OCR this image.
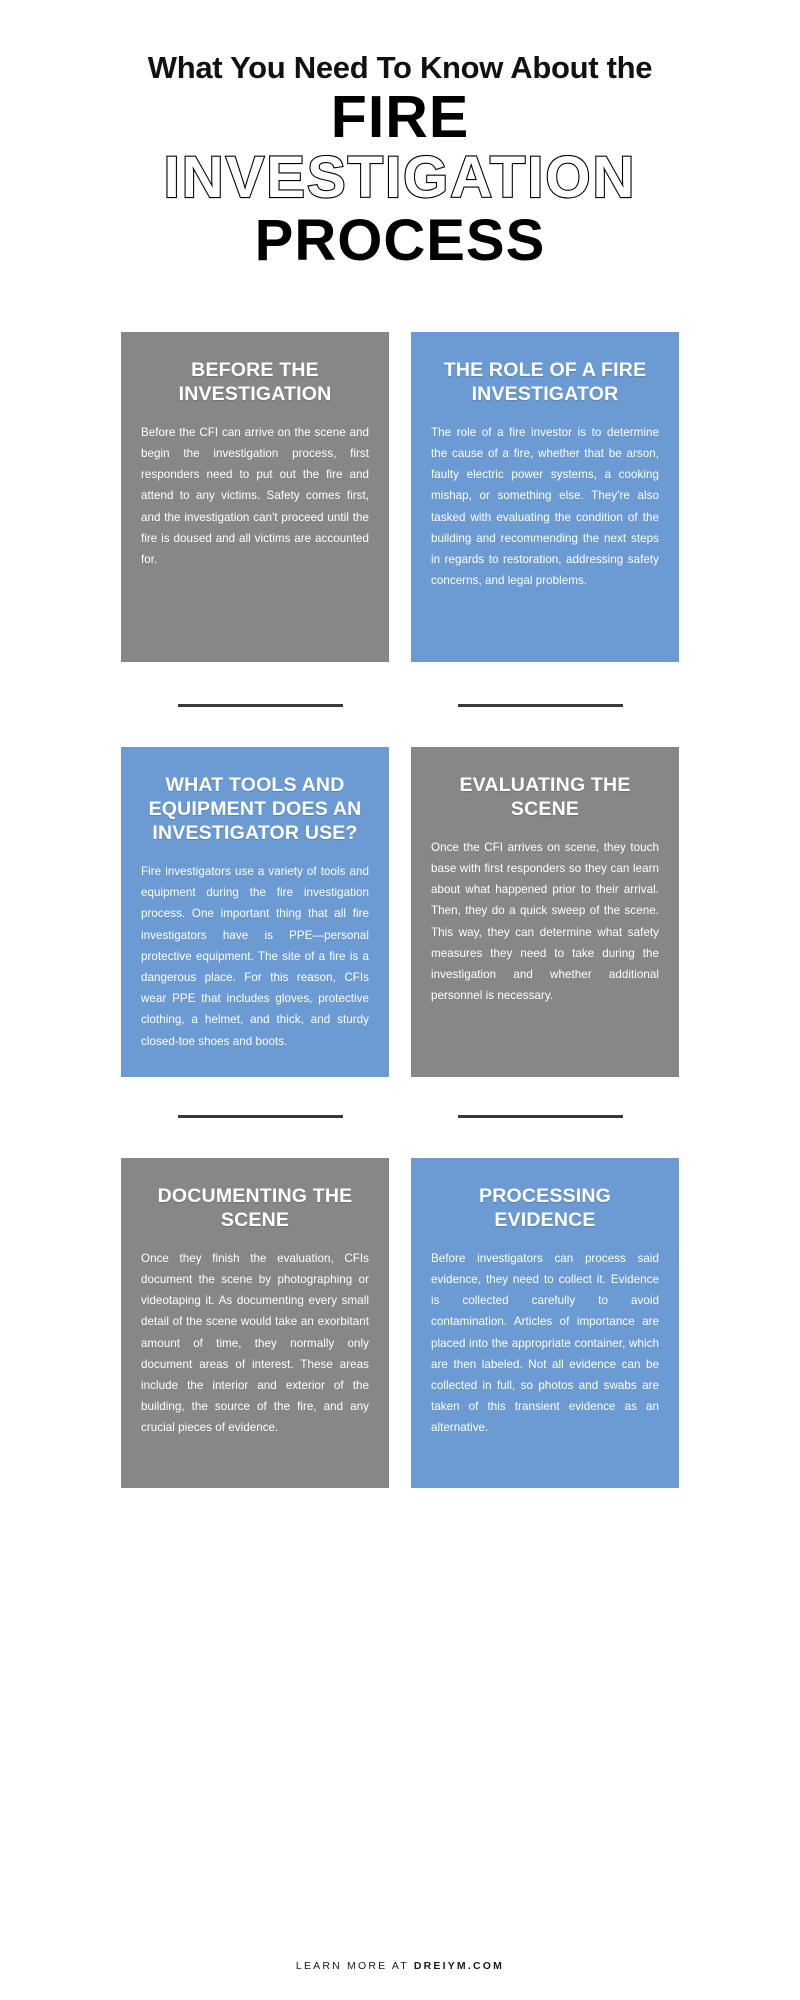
What You Need To Know About the
FIRE
INVESTIGATION
PROCESS
BEFORE THE INVESTIGATION

Before the CFI can arrive on the scene and begin the investigation process, first responders need to put out the fire and attend to any victims. Safety comes first, and the investigation can't proceed until the fire is doused and all victims are accounted for.

THE ROLE OF A FIRE INVESTIGATOR

The role of a fire investor is to determine the cause of a fire, whether that be arson, faulty electric power systems, a cooking mishap, or something else. They're also tasked with evaluating the condition of the building and recommending the next steps in regards to restoration, addressing safety concerns, and legal problems.

WHAT TOOLS AND EQUIPMENT DOES AN INVESTIGATOR USE?

Fire investigators use a variety of tools and equipment during the fire investigation process. One important thing that all fire investigators have is PPE—personal protective equipment. The site of a fire is a dangerous place. For this reason, CFIs wear PPE that includes gloves, protective clothing, a helmet, and thick, and sturdy closed-toe shoes and boots.

EVALUATING THE SCENE

Once the CFI arrives on scene, they touch base with first responders so they can learn about what happened prior to their arrival. Then, they do a quick sweep of the scene. This way, they can determine what safety measures they need to take during the investigation and whether additional personnel is necessary.

DOCUMENTING THE SCENE

Once they finish the evaluation, CFIs document the scene by photographing or videotaping it. As documenting every small detail of the scene would take an exorbitant amount of time, they normally only document areas of interest. These areas include the interior and exterior of the building, the source of the fire, and any crucial pieces of evidence.

PROCESSING EVIDENCE

Before investigators can process said evidence, they need to collect it. Evidence is collected carefully to avoid contamination. Articles of importance are placed into the appropriate container, which are then labeled. Not all evidence can be collected in full, so photos and swabs are taken of this transient evidence as an alternative.

LEARN MORE AT DREIYM.COM
